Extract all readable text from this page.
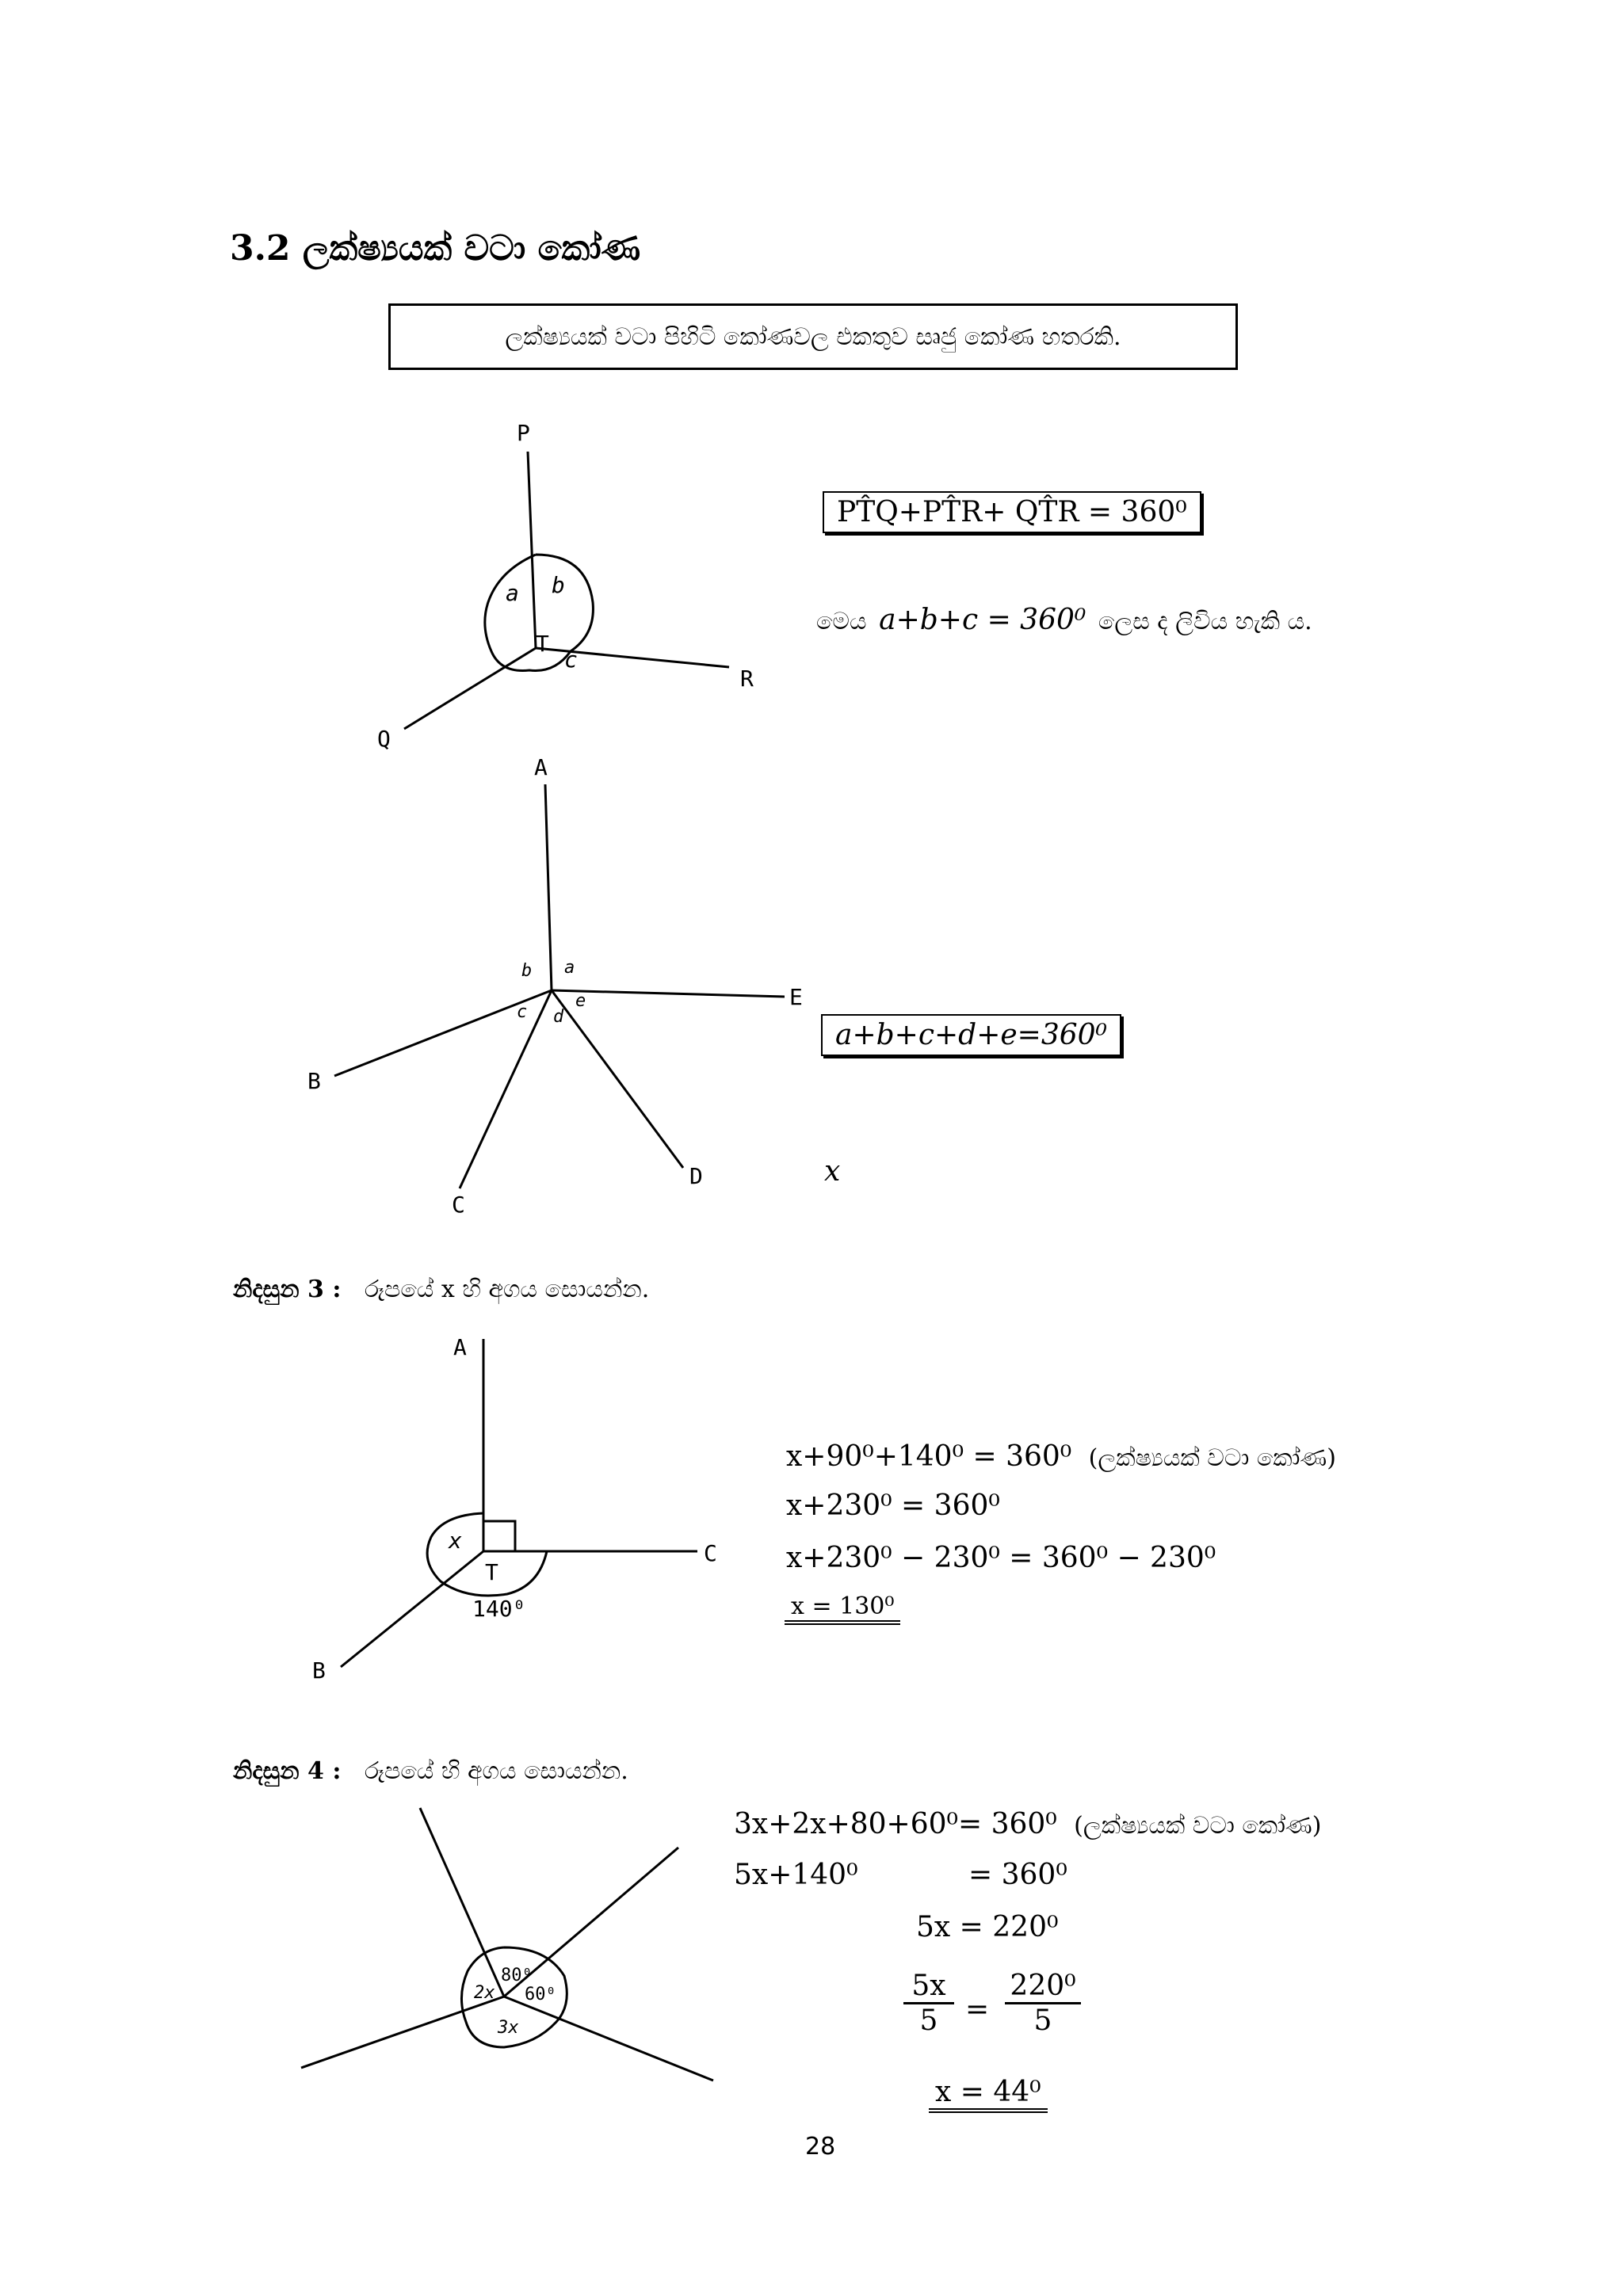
3.2 ලක්ෂ්‍යයක් වටා කෝණ
ලක්ෂ්‍යයක් වටා පිහිටි කෝණවල එකතුව සෘජු කෝණ හතරකි.
P
Q
R
T
a b
c
A
E
B
C
D
a
b
c d
e
x
A
C
B
T
x
140⁰
80⁰
60⁰
2x
3x
PT̂Q+PT̂R+ QT̂R = 360⁰
මෙය a+b+c = 360⁰ ලෙස ද ලිවිය හැකි ය.
a+b+c+d+e=360⁰
නිදසුන 3 : රූපයේ x හි අගය සොයන්න.
x+90⁰+140⁰ = 360⁰ (ලක්ෂ්‍යයක් වටා කෝණ)
x+230⁰ = 360⁰
x+230⁰ − 230⁰ = 360⁰ − 230⁰
x = 130⁰
නිදසුන 4 : රූපයේ හි අගය සොයන්න.
3x+2x+80+60⁰= 360⁰ (ලක්ෂ්‍යයක් වටා කෝණ)
5x+140⁰	= 360⁰
5x = 220⁰
$\frac{5x}{5} = \frac{\text{220⁰}}{5}$
x = 44⁰
28
